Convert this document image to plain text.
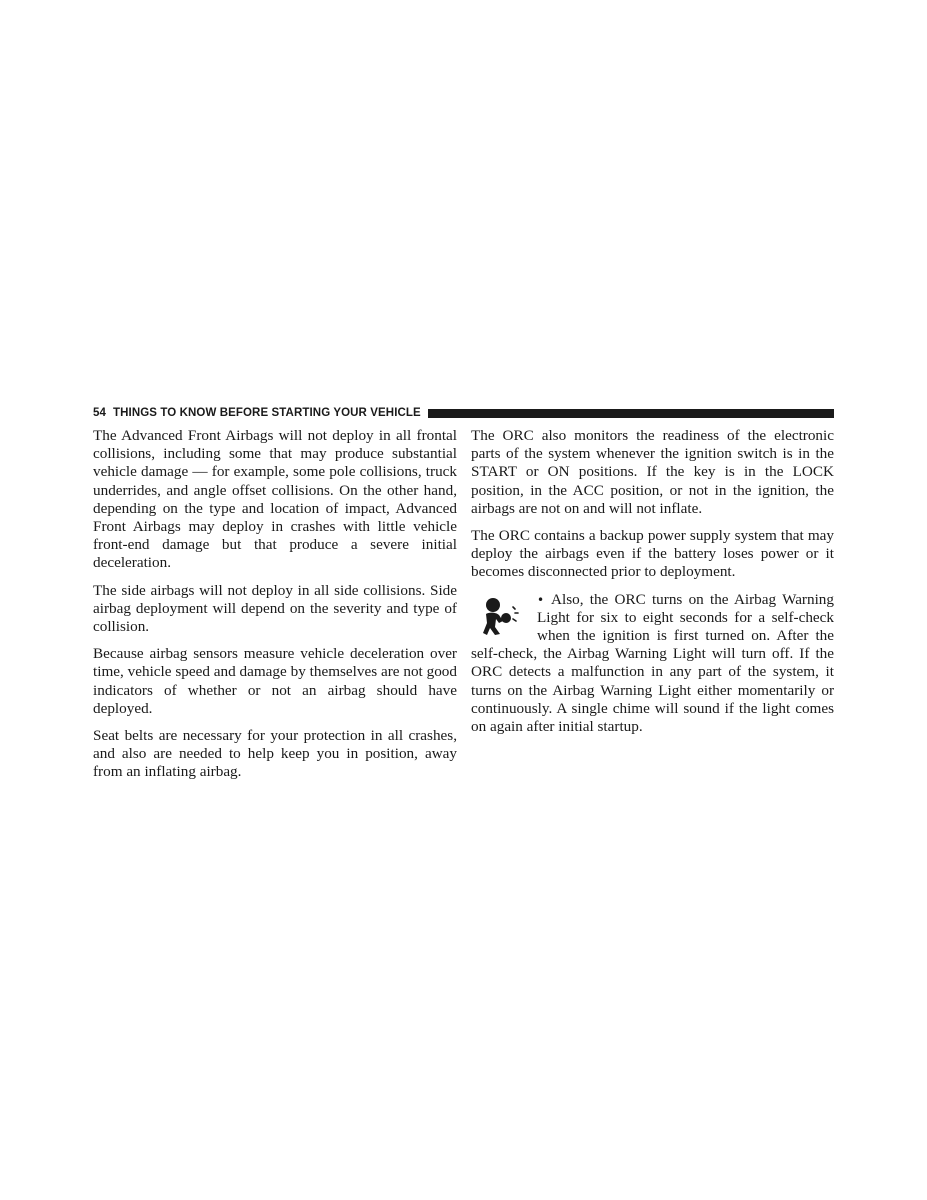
54 THINGS TO KNOW BEFORE STARTING YOUR VEHICLE

The Advanced Front Airbags will not deploy in all frontal collisions, including some that may produce substantial vehicle damage — for example, some pole collisions, truck underrides, and angle offset collisions. On the other hand, depending on the type and location of impact, Advanced Front Airbags may deploy in crashes with little vehicle front-end damage but that produce a severe initial deceleration.

The side airbags will not deploy in all side collisions. Side airbag deployment will depend on the severity and type of collision.

Because airbag sensors measure vehicle deceleration over time, vehicle speed and damage by themselves are not good indicators of whether or not an airbag should have deployed.

Seat belts are necessary for your protection in all crashes, and also are needed to help keep you in position, away from an inflating airbag.

The ORC also monitors the readiness of the electronic parts of the system whenever the ignition switch is in the START or ON positions. If the key is in the LOCK position, in the ACC position, or not in the ignition, the airbags are not on and will not inflate.

The ORC contains a backup power supply system that may deploy the airbags even if the battery loses power or it becomes disconnected prior to deployment.

• Also, the ORC turns on the Airbag Warning Light for six to eight seconds for a self-check when the ignition is first turned on. After the self-check, the Airbag Warning Light will turn off. If the ORC detects a malfunction in any part of the system, it turns on the Airbag Warning Light either momentarily or continuously. A single chime will sound if the light comes on again after initial startup.
